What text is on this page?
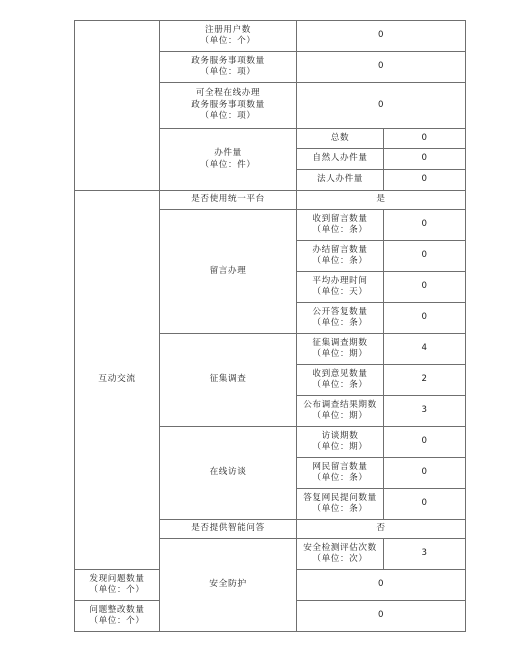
	注册用户数
（单位：个）	0	
	政务服务事项数量
（单位：项）	0	
	可全程在线办理
政务服务事项数量
（单位：项）	0	
	办件量
（单位：件）	总数	0
		自然人办件量	0
		法人办件量	0
互动交流	是否使用统一平台	是	
	留言办理	收到留言数量
（单位：条）	0
		办结留言数量
（单位：条）	0
		平均办理时间
（单位：天）	0
		公开答复数量
（单位：条）	0
	征集调查	征集调查期数
（单位：期）	4
		收到意见数量
（单位：条）	2
		公布调查结果期数
（单位：期）	3
	在线访谈	访谈期数
（单位：期）	0
		网民留言数量
（单位：条）	0
		答复网民提问数量
（单位：条）	0
	是否提供智能问答	否	
	安全防护	安全检测评估次数
（单位：次）	3
发现问题数量
（单位：个）		0	
问题整改数量
（单位：个）		0	
